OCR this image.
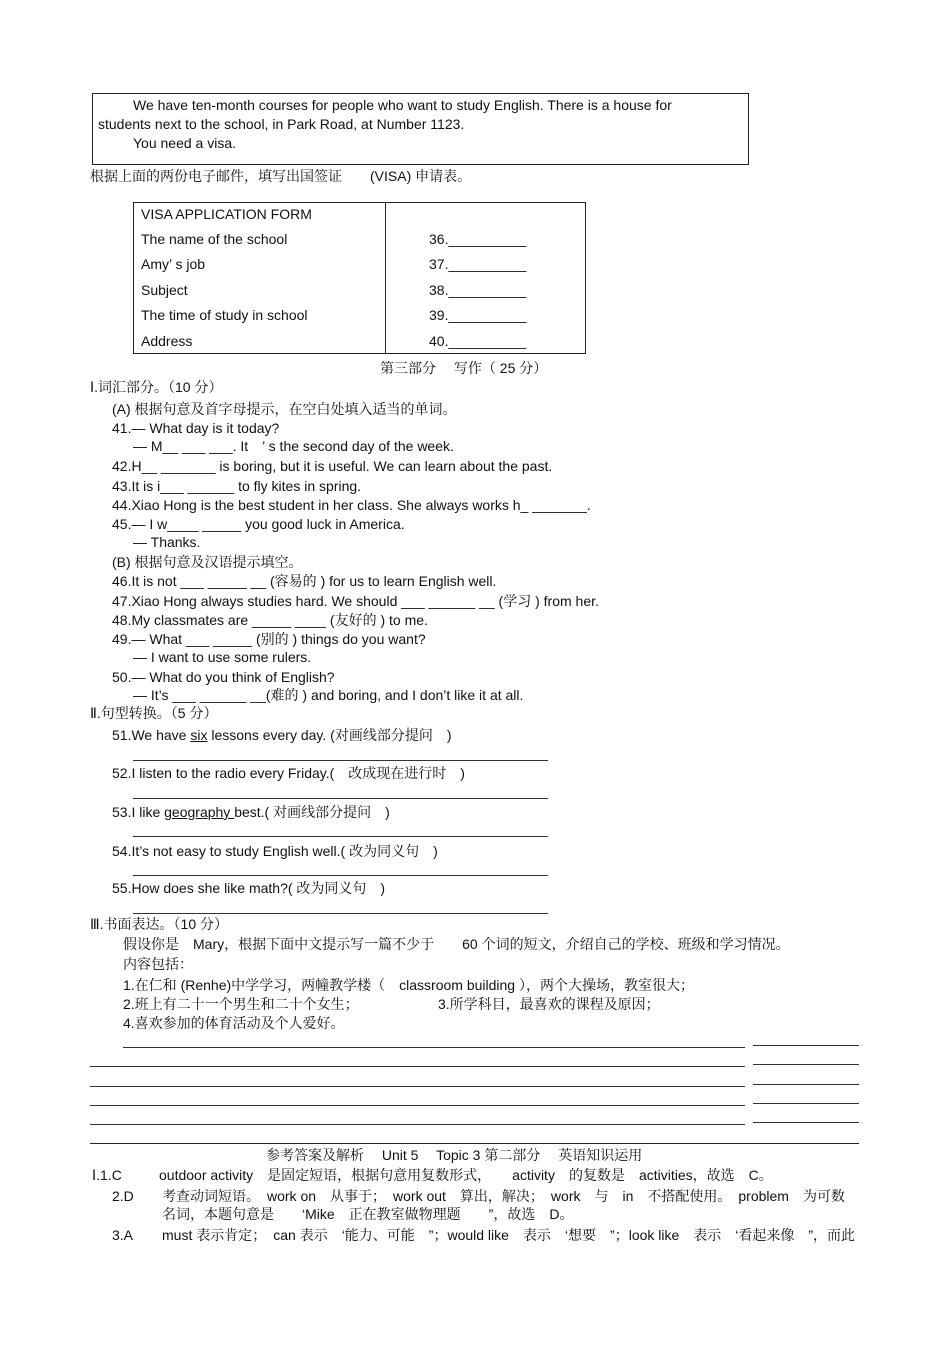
We have ten-month courses for people who want to study English. There is a house for
students next to the school, in Park Road, at Number 1123.
You need a visa.
根据上面的两份电子邮件，填写出国签证　　(VISA) 申请表。
VISA APPLICATION FORM
The name of the school	36.__________
Amy’ s job	37.__________
Subject	38.__________
The time of study in school	39.__________
Address	40.__________
第三部分　 写作（ 25 分）
Ⅰ.词汇部分。（10 分）
(A) 根据句意及首字母提示，在空白处填入适当的单词。
41.— What day is it today?
— M__ ___ ___. It　’ s the second day of the week.
42.H__ _______ is boring, but it is useful. We can learn about the past.
43.It is i___ ______ to fly kites in spring.
44.Xiao Hong is the best student in her class. She always works h_ _______.
45.— I w____ _____ you good luck in America.
— Thanks.
(B) 根据句意及汉语提示填空。
46.It is not ___ _____ __ (容易的 ) for us to learn English well.
47.Xiao Hong always studies hard. We should ___ ______ __ (学习 ) from her.
48.My classmates are _____ ____ (友好的 ) to me.
49.— What ___ _____ (别的 ) things do you want?
— I want to use some rulers.
50.— What do you think of English?
— It’s ___ ______ __(难的 ) and boring, and I don’t like it at all.
Ⅱ.句型转换。（5 分）
51.We have six lessons every day. (对画线部分提问　)
52.I listen to the radio every Friday.(　改成现在进行时　)
53.I like geography best.( 对画线部分提问　)
54.It’s not easy to study English well.( 改为同义句　)
55.How does she like math?( 改为同义句　)
Ⅲ.书面表达。（10 分）
假设你是　Mary，根据下面中文提示写一篇不少于　　60 个词的短文，介绍自己的学校、班级和学习情况。
内容包括：
1.在仁和 (Renhe)中学学习，两幢教学楼（　classroom building ），两个大操场，教室很大；
2.班上有二十一个男生和二十个女生；	3.所学科目，最喜欢的课程及原因；
4.喜欢参加的体育活动及个人爱好。
参考答案及解析　 Unit 5　 Topic 3 第二部分　 英语知识运用
Ⅰ.1.C	outdoor activity　是固定短语，根据句意用复数形式，　　activity　的复数是　activities，故选　C。
2.D 考查动词短语。　work on　从事于；　work out　算出，解决；　work　与　in　不搭配使用。　problem　为可数
名词，本题句意是　　‘Mike　正在教室做物理题　　”，故选　D。
3.A must 表示肯定；　can 表示　‘能力、可能　”；would like　表示　‘想要　”；look like　表示　‘看起来像　”，而此
